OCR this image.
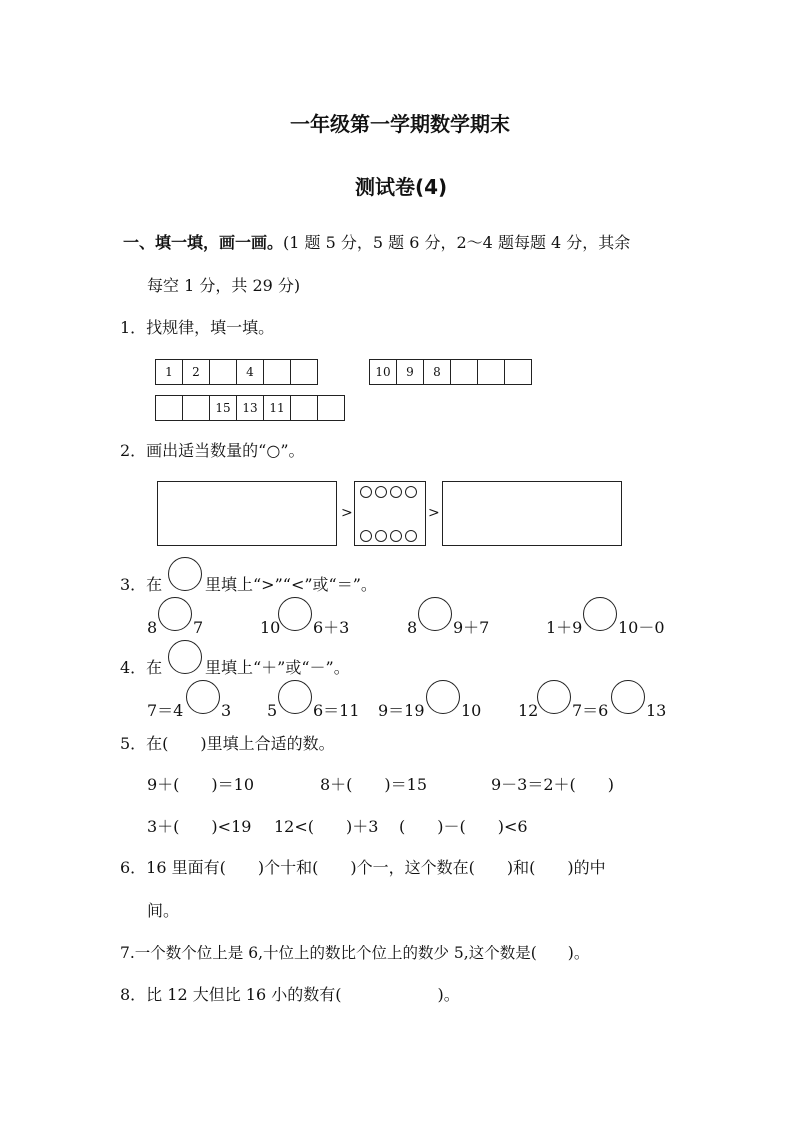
一年级第一学期数学期末
测试卷(4)
一、填一填，画一画。(1 题 5 分，5 题 6 分，2～4 题每题 4 分，其余
每空 1 分，共 29 分)
1．找规律，填一填。
1	2	4	10	9	8
15 13 11
2．画出适当数量的“○”。
>	>
3．在	里填上“>”“<”或“＝”。
8 7	10 6＋3	8 9＋7	1＋9 10－0
4．在	里填上“＋”或“－”。
7＝4 3 5 6＝11 9＝19 10 12 7＝6 13
5．在(　　)里填上合适的数。
9＋(　　)＝10	8＋(　　)＝15	9－3＝2＋(　　)
3＋(　　)<19 12<(　　)＋3 (　　)－(　　)<6
6．16 里面有(　　)个十和(　　)个一，这个数在(　　)和(　　)的中
间。
7.一个数个位上是 6,十位上的数比个位上的数少 5,这个数是(　　)。
8．比 12 大但比 16 小的数有(　　　　　　)。
